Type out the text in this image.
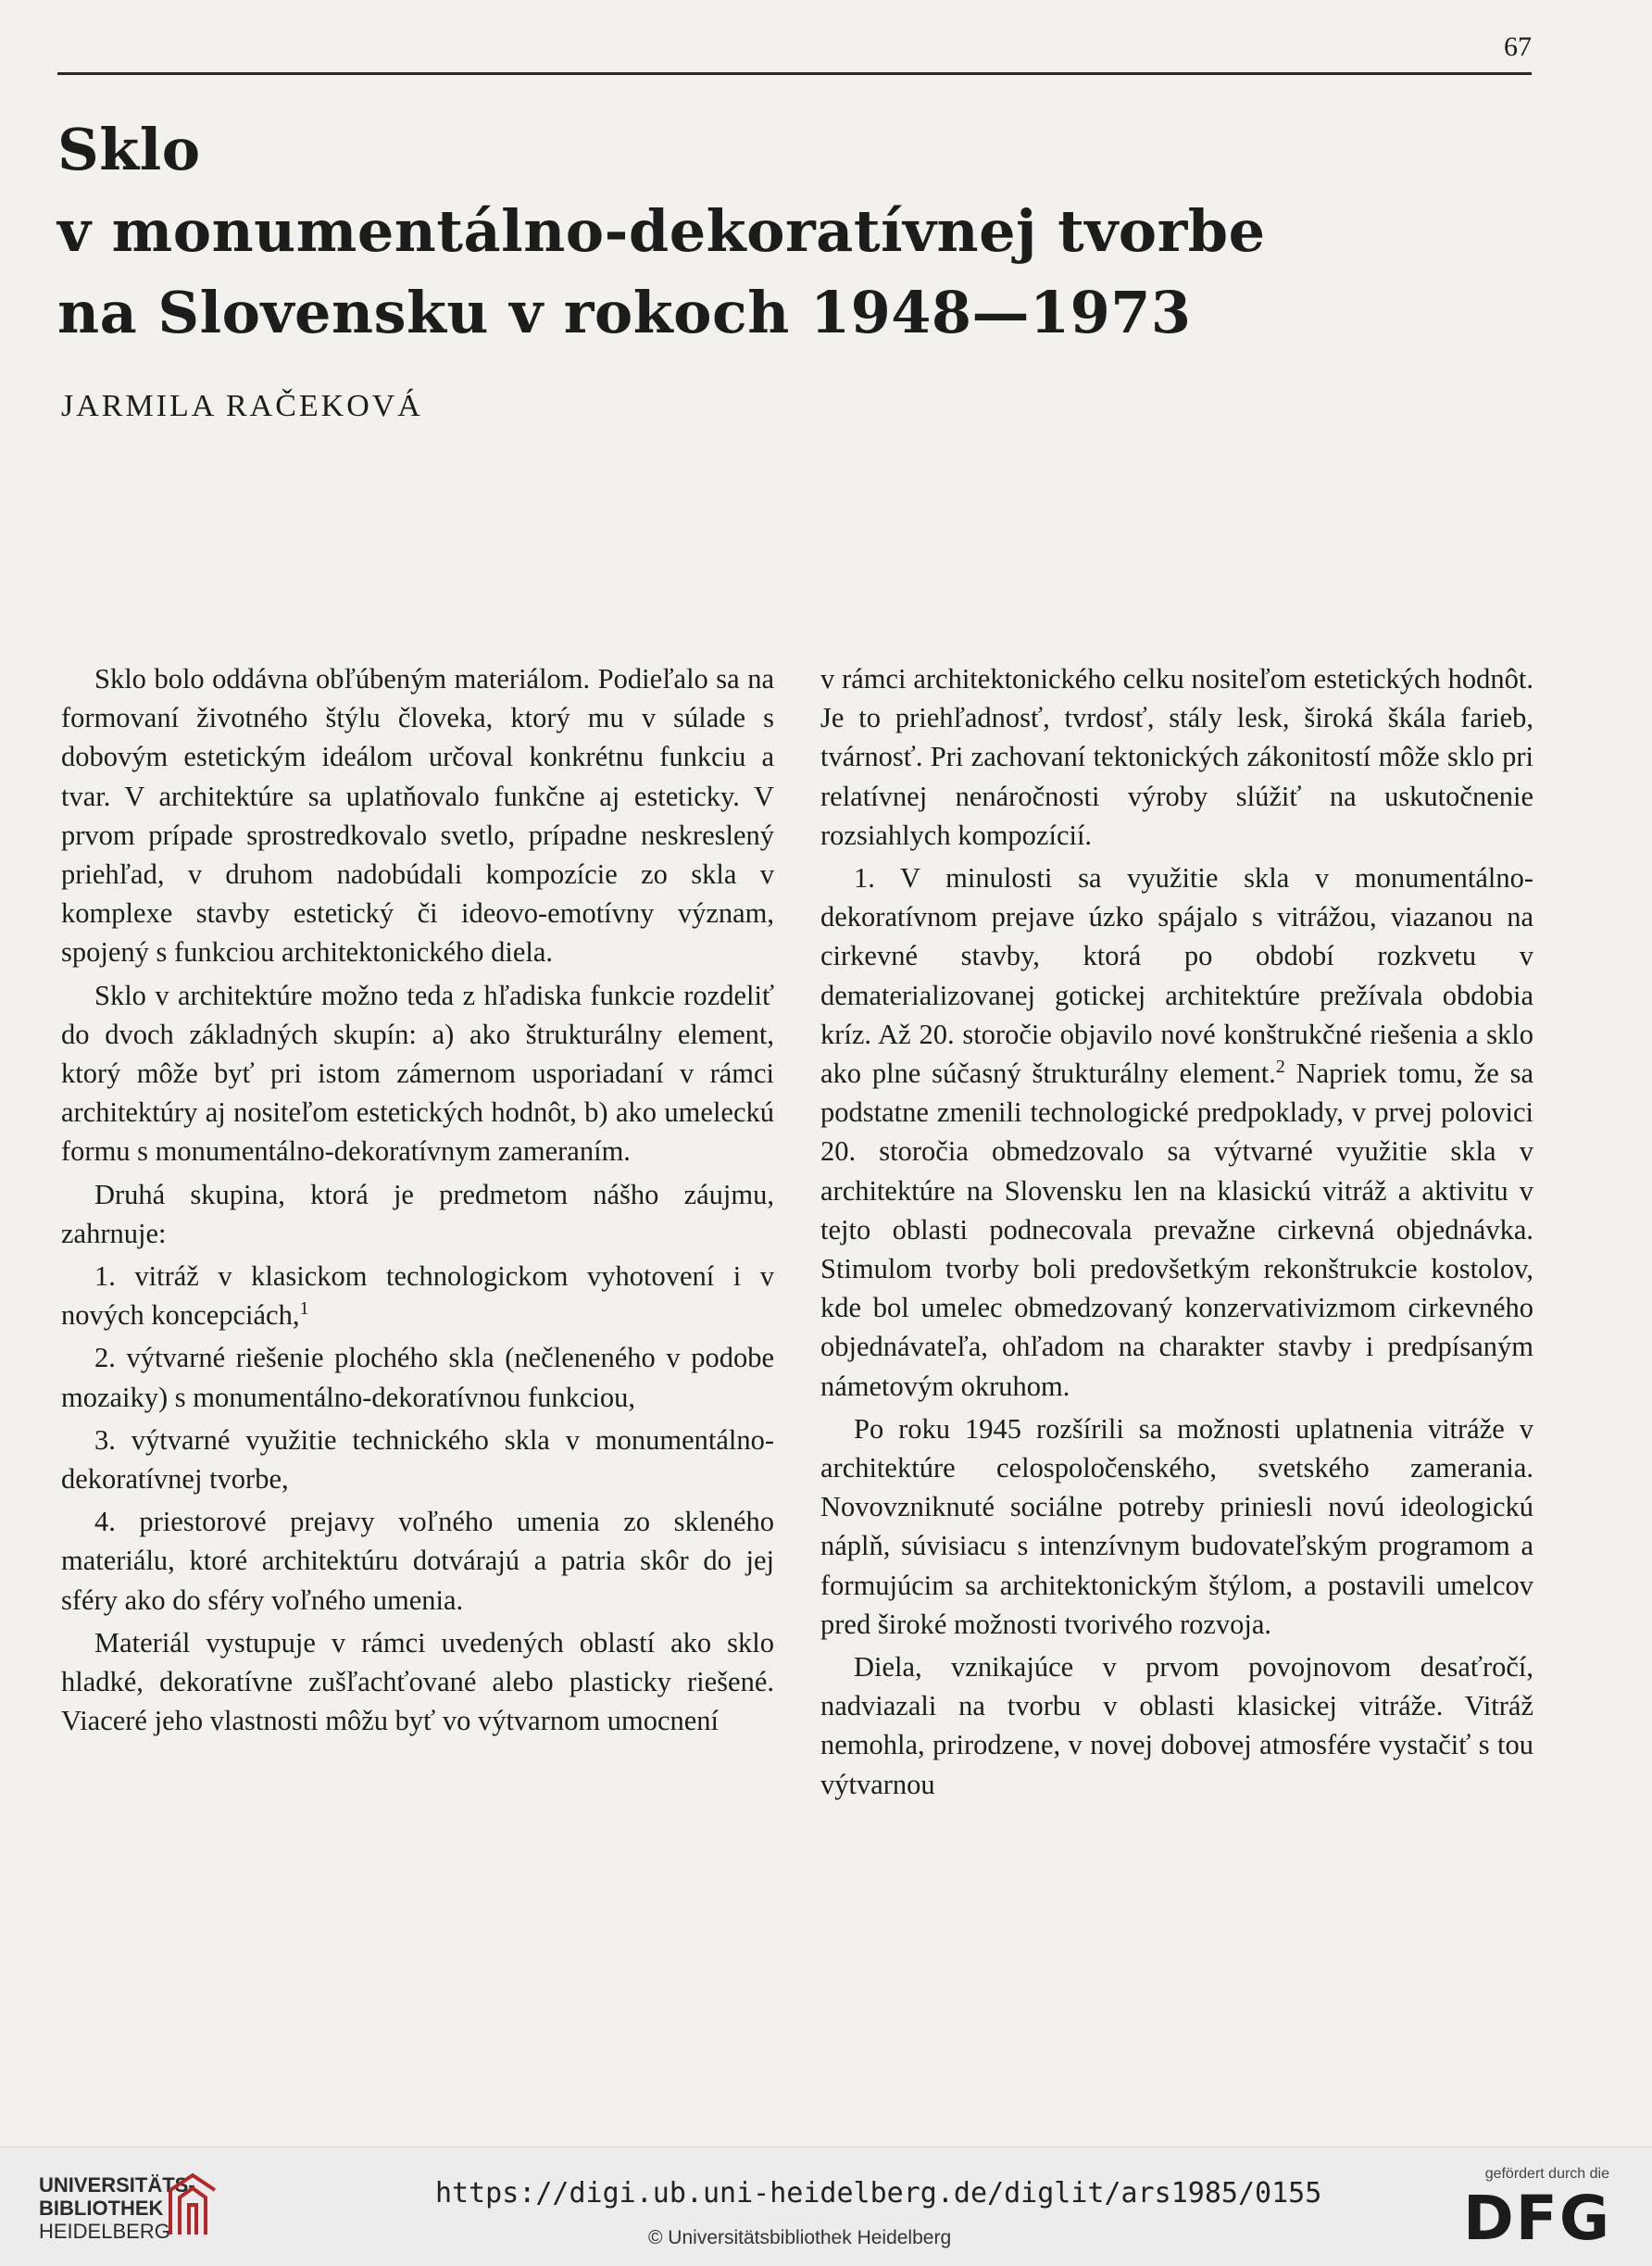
67
Sklo
v monumentálno-dekoratívnej tvorbe
na Slovensku v rokoch 1948—1973
JARMILA RAČEKOVÁ

Sklo bolo oddávna obľúbeným materiálom. Podieľalo sa na formovaní životného štýlu človeka, ktorý mu v súlade s dobovým estetickým ideálom určoval konkrétnu funkciu a tvar. V architektúre sa uplatňovalo funkčne aj esteticky. V prvom prípade sprostredkovalo svetlo, prípadne neskreslený priehľad, v druhom nadobúdali kompozície zo skla v komplexe stavby estetický či ideovo-emotívny význam, spojený s funkciou architektonického diela.

Sklo v architektúre možno teda z hľadiska funkcie rozdeliť do dvoch základných skupín: a) ako štrukturálny element, ktorý môže byť pri istom zámernom usporiadaní v rámci architektúry aj nositeľom estetických hodnôt, b) ako umeleckú formu s monumentálno-dekoratívnym zameraním.

Druhá skupina, ktorá je predmetom nášho záujmu, zahrnuje:

1. vitráž v klasickom technologickom vyhotovení i v nových koncepciách,$^1$

2. výtvarné riešenie plochého skla (nečleneného v podobe mozaiky) s monumentálno-dekoratívnou funkciou,

3. výtvarné využitie technického skla v monumentálno-dekoratívnej tvorbe,

4. priestorové prejavy voľného umenia zo skleného materiálu, ktoré architektúru dotvárajú a patria skôr do jej sféry ako do sféry voľného umenia.

Materiál vystupuje v rámci uvedených oblastí ako sklo hladké, dekoratívne zušľachťované alebo plasticky riešené. Viaceré jeho vlastnosti môžu byť vo výtvarnom umocnení

v rámci architektonického celku nositeľom estetických hodnôt. Je to priehľadnosť, tvrdosť, stály lesk, široká škála farieb, tvárnosť. Pri zachovaní tektonických zákonitostí môže sklo pri relatívnej nenáročnosti výroby slúžiť na uskutočnenie rozsiahlych kompozícií.

1. V minulosti sa využitie skla v monumentálno-dekoratívnom prejave úzko spájalo s vitrážou, viazanou na cirkevné stavby, ktorá po období rozkvetu v dematerializovanej gotickej architektúre prežívala obdobia kríz. Až 20. storočie objavilo nové konštrukčné riešenia a sklo ako plne súčasný štrukturálny element.$^2$ Napriek tomu, že sa podstatne zmenili technologické predpoklady, v prvej polovici 20. storočia obmedzovalo sa výtvarné využitie skla v architektúre na Slovensku len na klasickú vitráž a aktivitu v tejto oblasti podnecovala prevažne cirkevná objednávka. Stimulom tvorby boli predovšetkým rekonštrukcie kostolov, kde bol umelec obmedzovaný konzervativizmom cirkevného objednávateľa, ohľadom na charakter stavby i predpísaným námetovým okruhom.

Po roku 1945 rozšírili sa možnosti uplatnenia vitráže v architektúre celospoločenského, svetského zamerania. Novovzniknuté sociálne potreby priniesli novú ideologickú náplň, súvisiacu s intenzívnym budovateľským programom a formujúcim sa architektonickým štýlom, a postavili umelcov pred široké možnosti tvorivého rozvoja.

Diela, vznikajúce v prvom povojnovom desaťročí, nadviazali na tvorbu v oblasti klasickej vitráže. Vitráž nemohla, prirodzene, v novej dobovej atmosfére vystačiť s tou výtvarnou

UNIVERSITÄTS-
BIBLIOTHEK
HEIDELBERG
https://digi.ub.uni-heidelberg.de/diglit/ars1985/0155
© Universitätsbibliothek Heidelberg
gefördert durch die
DFG
